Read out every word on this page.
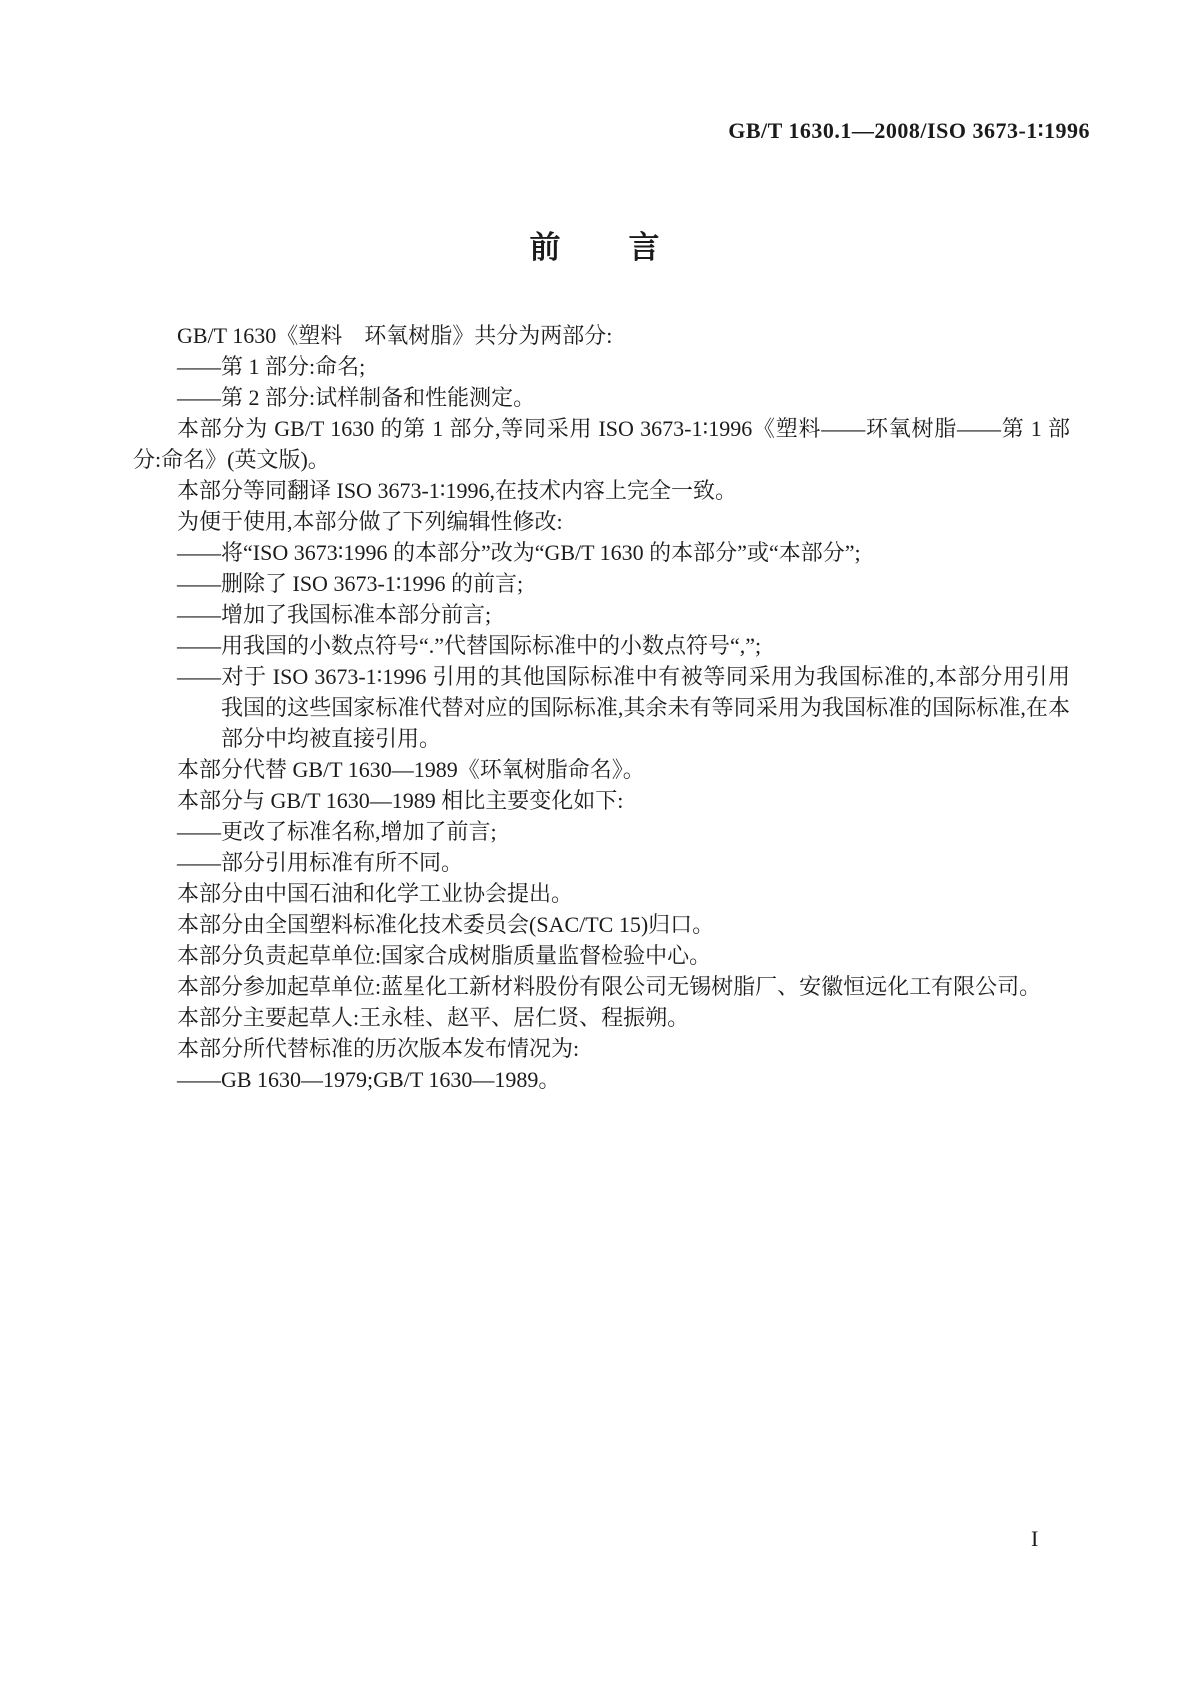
GB/T 1630.1—2008/ISO 3673-1∶1996
前　　言
GB/T 1630《塑料　环氧树脂》共分为两部分:
——第 1 部分:命名;
——第 2 部分:试样制备和性能测定。
本部分为 GB/T 1630 的第 1 部分,等同采用 ISO 3673-1∶1996《塑料——环氧树脂——第 1 部分:命名》(英文版)。
本部分等同翻译 ISO 3673-1∶1996,在技术内容上完全一致。
为便于使用,本部分做了下列编辑性修改:
——将“ISO 3673∶1996 的本部分”改为“GB/T 1630 的本部分”或“本部分”;
——删除了 ISO 3673-1∶1996 的前言;
——增加了我国标准本部分前言;
——用我国的小数点符号“.”代替国际标准中的小数点符号“,”;
——对于 ISO 3673-1∶1996 引用的其他国际标准中有被等同采用为我国标准的,本部分用引用我国的这些国家标准代替对应的国际标准,其余未有等同采用为我国标准的国际标准,在本部分中均被直接引用。
本部分代替 GB/T 1630—1989《环氧树脂命名》。
本部分与 GB/T 1630—1989 相比主要变化如下:
——更改了标准名称,增加了前言;
——部分引用标准有所不同。
本部分由中国石油和化学工业协会提出。
本部分由全国塑料标准化技术委员会(SAC/TC 15)归口。
本部分负责起草单位:国家合成树脂质量监督检验中心。
本部分参加起草单位:蓝星化工新材料股份有限公司无锡树脂厂、安徽恒远化工有限公司。
本部分主要起草人:王永桂、赵平、居仁贤、程振朔。
本部分所代替标准的历次版本发布情况为:
——GB 1630—1979;GB/T 1630—1989。
I
